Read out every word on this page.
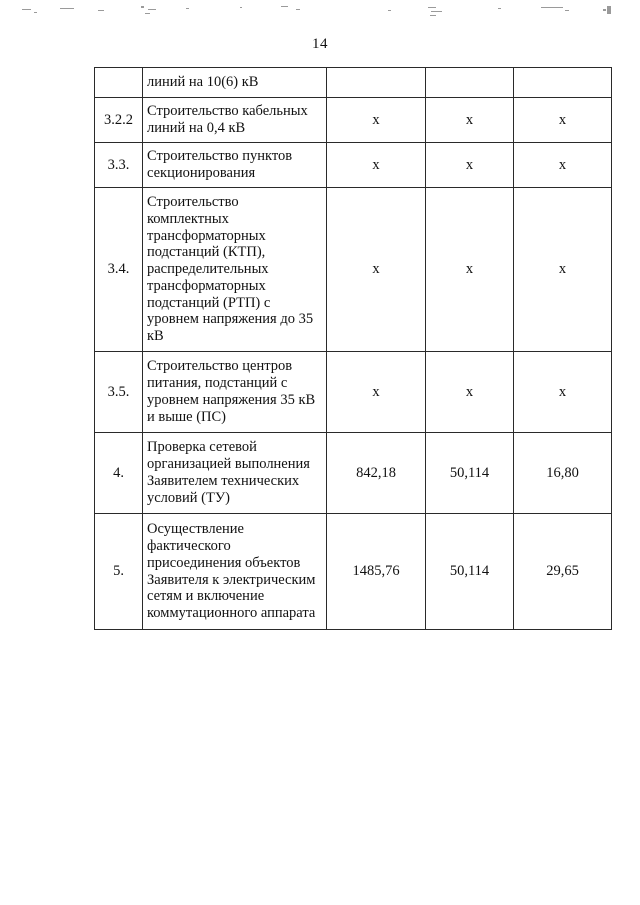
14
	линий на 10(6) кВ			
3.2.2	Строительство кабельных линий на 0,4 кВ	х	х	х
3.3.	Строительство пунктов секционирования	х	х	х
3.4.	Строительство комплектных трансформаторных подстанций (КТП), распределительных трансформаторных подстанций (РТП) с уровнем напряжения до 35 кВ	х	х	х
3.5.	Строительство центров питания, подстанций с уровнем напряжения 35 кВ и выше (ПС)	х	х	х
4.	Проверка сетевой организацией выполнения Заявителем технических условий (ТУ)	842,18	50,114	16,80
5.	Осуществление фактического присоединения объектов Заявителя к электрическим сетям и включение коммутационного аппарата	1485,76	50,114	29,65
